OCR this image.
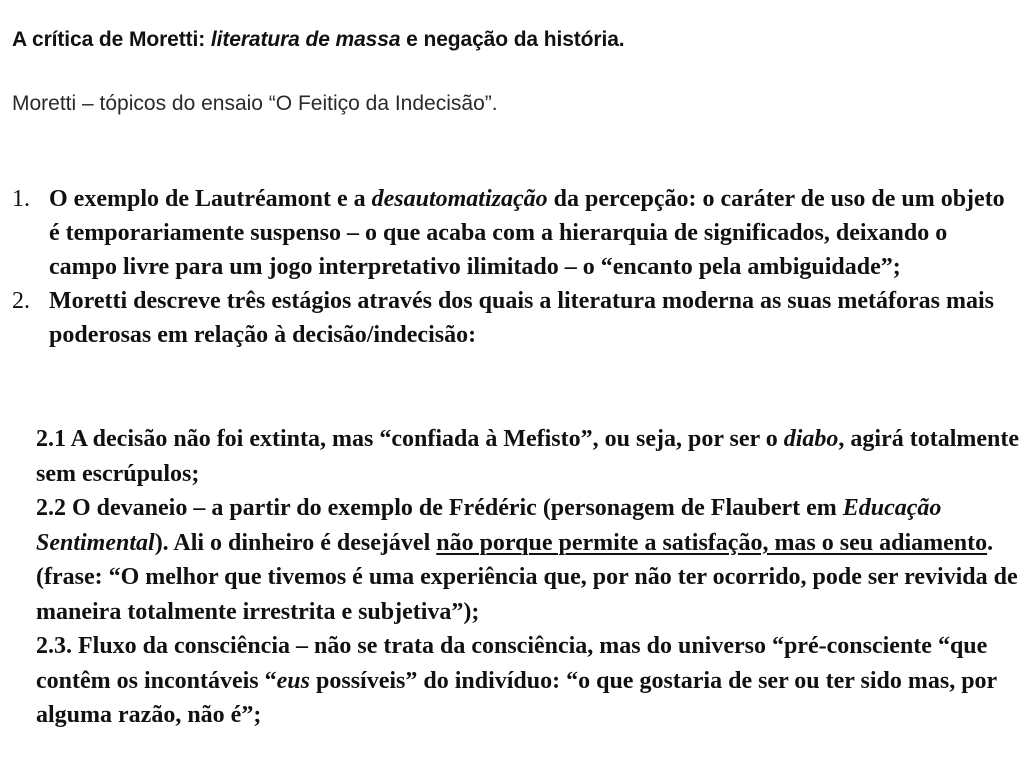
A crítica de Moretti: literatura de massa e negação da história.
Moretti – tópicos do ensaio “O Feitiço da Indecisão”.
1. O exemplo de Lautréamont e a desautomatização da percepção: o caráter de uso de um objeto é temporariamente suspenso – o que acaba com a hierarquia de significados, deixando o campo livre para um jogo interpretativo ilimitado – o “encanto pela ambiguidade”;
2. Moretti descreve três estágios através dos quais a literatura moderna as suas metáforas mais poderosas em relação à decisão/indecisão:

2.1 A decisão não foi extinta, mas “confiada à Mefisto”, ou seja, por ser o diabo, agirá totalmente sem escrúpulos;

2.2 O devaneio – a partir do exemplo de Frédéric (personagem de Flaubert em Educação Sentimental). Ali o dinheiro é desejável não porque permite a satisfação, mas o seu adiamento. (frase: “O melhor que tivemos é uma experiência que, por não ter ocorrido, pode ser revivida de maneira totalmente irrestrita e subjetiva”);

2.3. Fluxo da consciência – não se trata da consciência, mas do universo “pré-consciente “que contêm os incontáveis “eus possíveis” do indivíduo: “o que gostaria de ser ou ter sido mas, por alguma razão, não é”;
